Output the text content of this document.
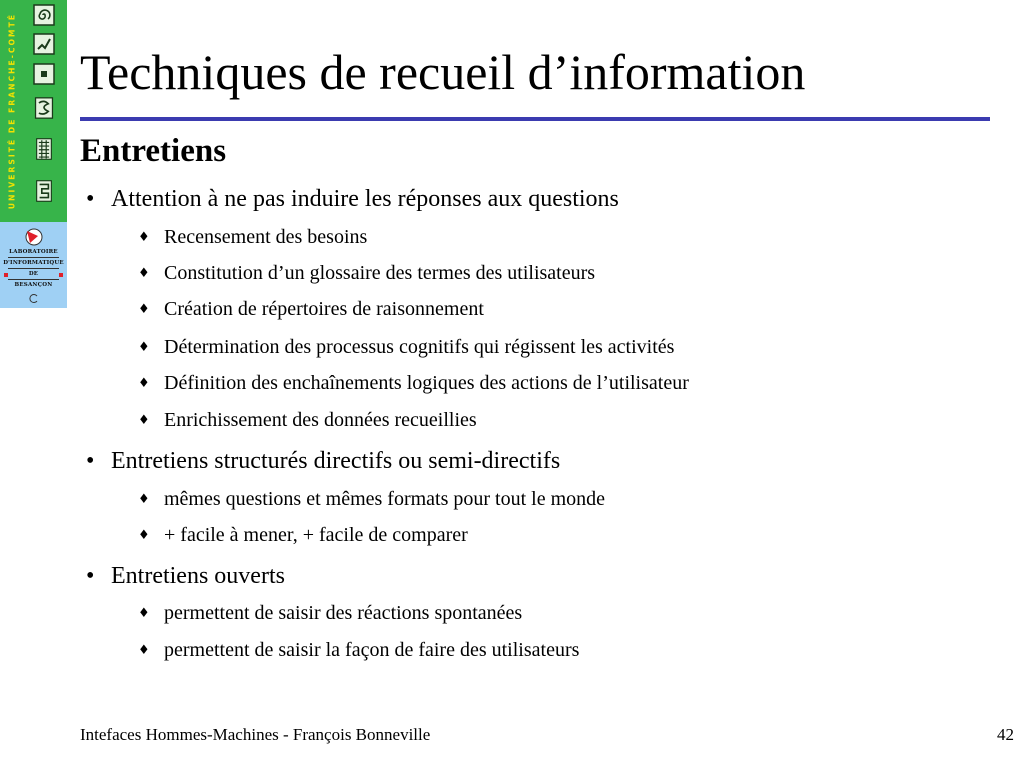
UNIVERSITÉ DE FRANCHE-COMTÉ
LABORATOIRE
D'INFORMATIQUE
DE
BESANÇON
Techniques de recueil d’information
Entretiens
• Attention à ne pas induire les réponses aux questions
♦ Recensement des besoins
♦ Constitution d’un glossaire des termes des utilisateurs
♦ Création de répertoires de raisonnement
♦ Détermination des processus cognitifs qui régissent les activités
♦ Définition des enchaînements logiques des actions de l’utilisateur
♦ Enrichissement des données recueillies
• Entretiens structurés directifs ou semi-directifs
♦ mêmes questions et mêmes formats pour tout le monde
♦ + facile à mener, + facile de comparer
• Entretiens ouverts
♦ permettent de saisir des réactions spontanées
♦ permettent de saisir la façon de faire des utilisateurs
Intefaces Hommes-Machines - François Bonneville	42
